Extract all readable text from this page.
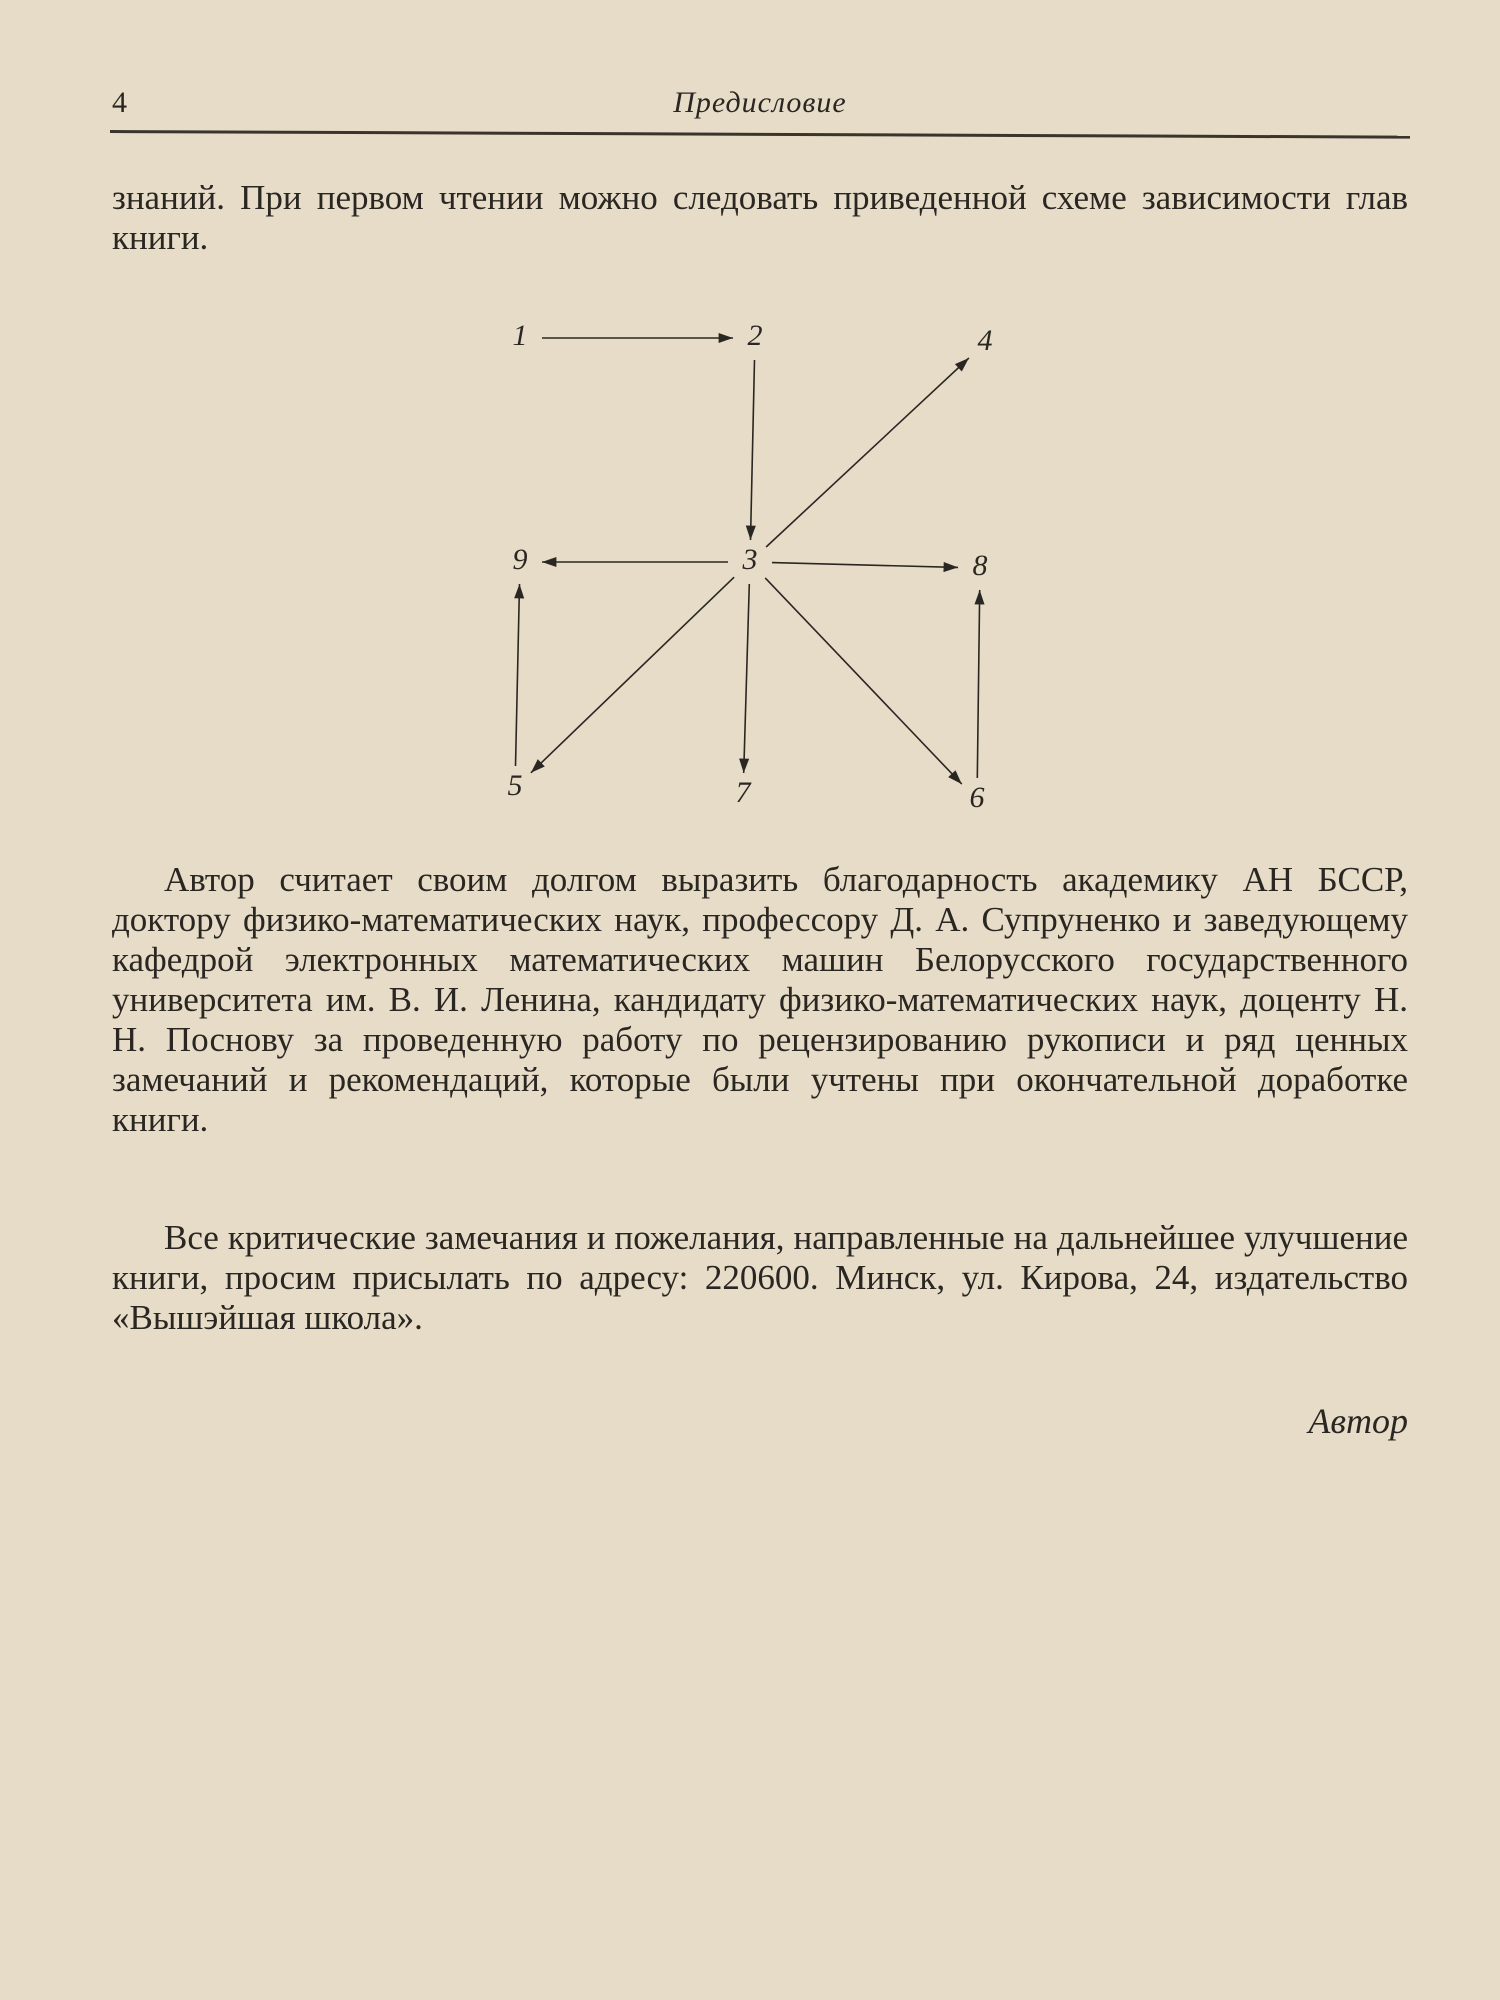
4	Предисловие

знаний. При первом чтении можно следовать приведенной схеме зависимости глав книги.

1	2
3
4
5	6
7
8
9

Автор считает своим долгом выразить благодарность академику АН БССР, доктору физико-математических наук, профессору Д. А. Супруненко и заведующему кафедрой электронных математических машин Белорусского государственного университета им. В. И. Ленина, кандидату физико-математических наук, доценту Н. Н. Поснову за проведенную работу по рецензированию рукописи и ряд ценных замечаний и рекомендаций, которые были учтены при окончательной доработке книги.

Все критические замечания и пожелания, направленные на дальнейшее улучшение книги, просим присылать по адресу: 220600. Минск, ул. Кирова, 24, издательство «Вышэйшая школа».

Автор
